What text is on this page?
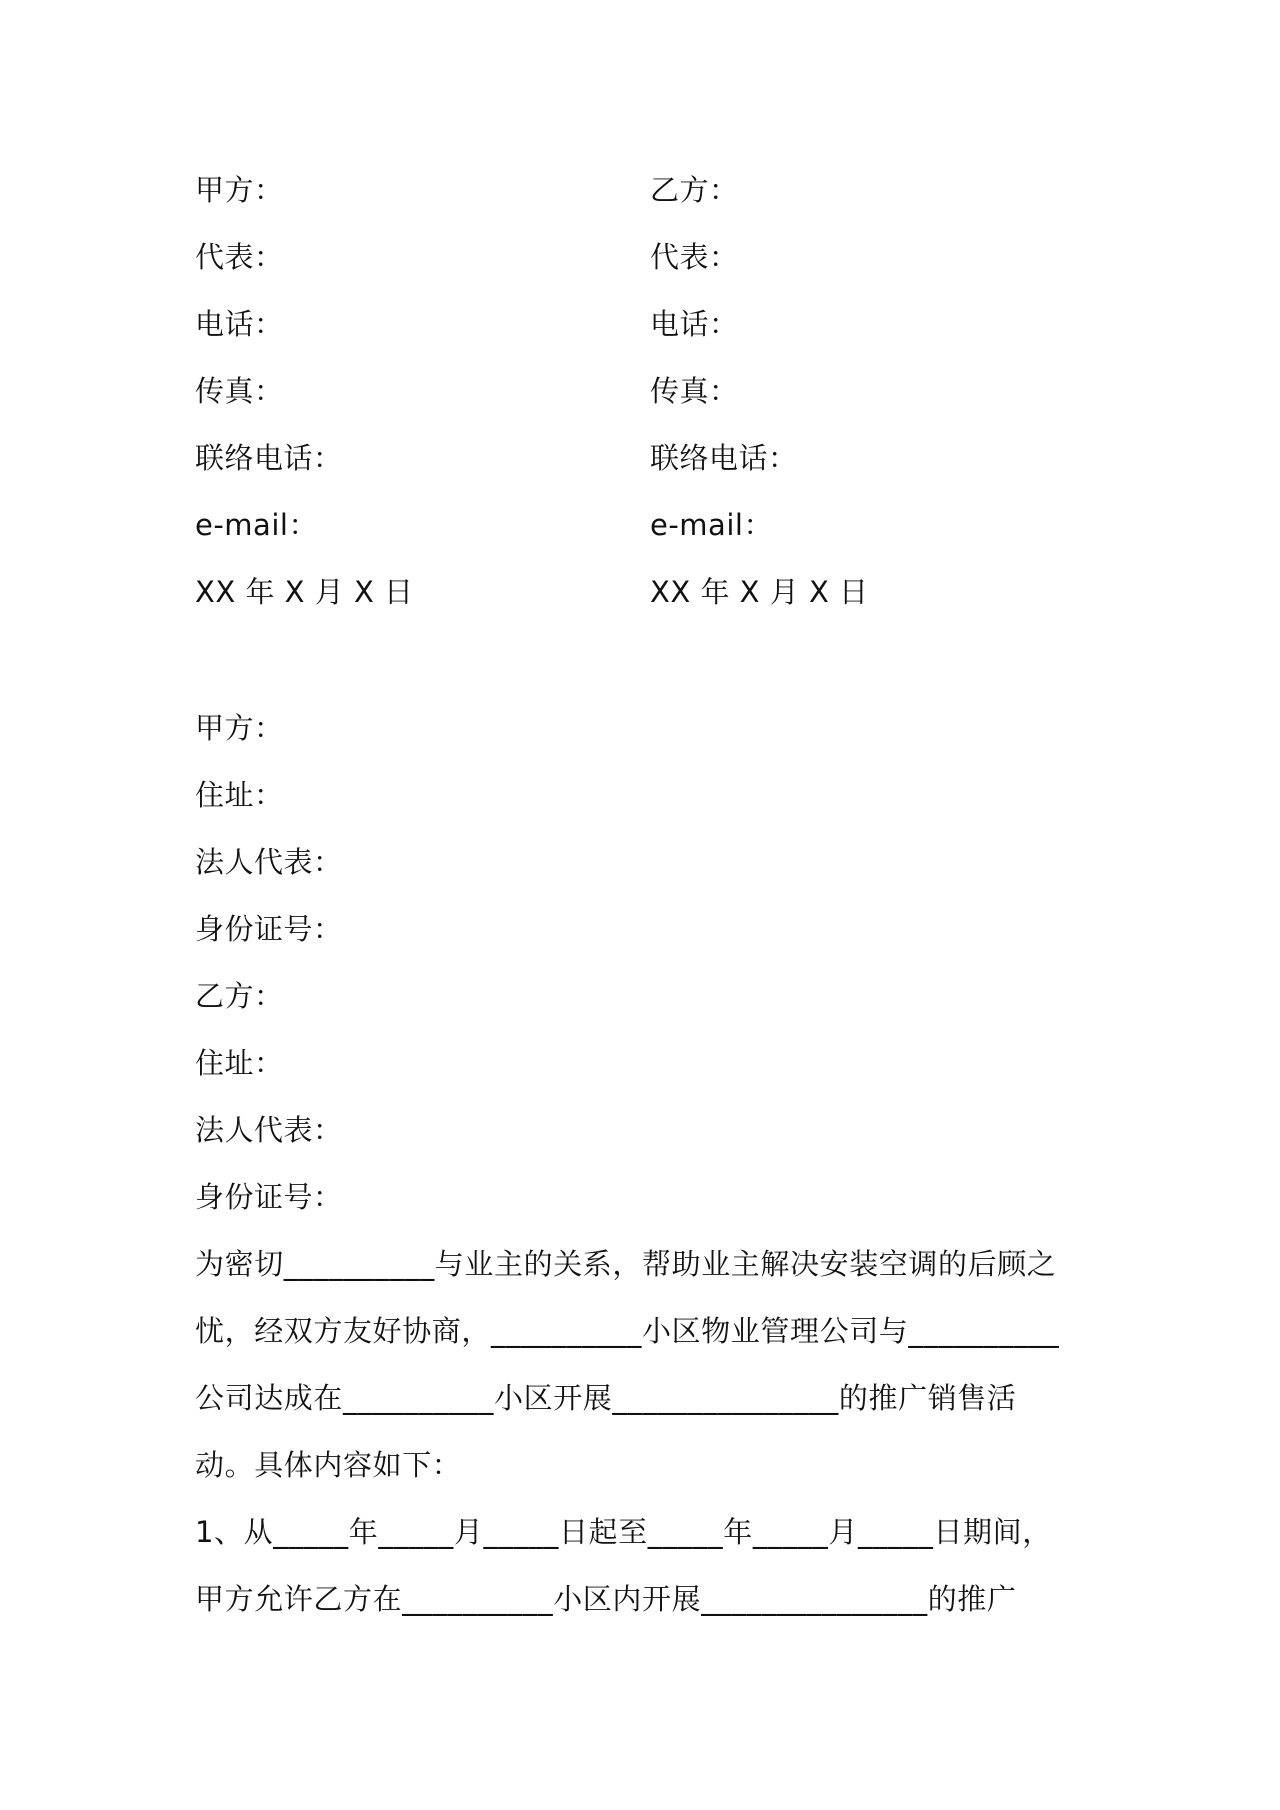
甲方：
代表：
电话：
传真：
联络电话：
e-mail：
XX 年 X 月 X 日
乙方：
代表：
电话：
传真：
联络电话：
e-mail：
XX 年 X 月 X 日
甲方：
住址：
法人代表：
身份证号：
乙方：
住址：
法人代表：
身份证号：
为密切__________与业主的关系，帮助业主解决安装空调的后顾之
忧，经双方友好协商，__________小区物业管理公司与__________
公司达成在__________小区开展_______________的推广销售活
动。具体内容如下：
1、从_____年_____月_____日起至_____年_____月_____日期间，
甲方允许乙方在__________小区内开展_______________的推广
